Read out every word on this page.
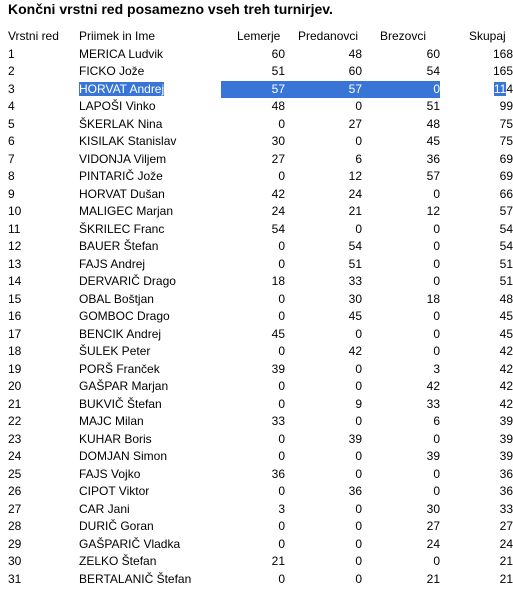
Končni vrstni red posamezno vseh treh turnirjev.
Vrstni red	Priimek in Ime	Lemerje	Predanovci	Brezovci	Skupaj
1	MERICA Ludvik	60	48	60	168
2	FICKO Jože	51	60	54	165
3	HORVAT Andrej	57	57	0	114
4	LAPOŠI Vinko	48	0	51	99
5	ŠKERLAK Nina	0	27	48	75
6	KISILAK Stanislav	30	0	45	75
7	VIDONJA Viljem	27	6	36	69
8	PINTARIČ Jože	0	12	57	69
9	HORVAT Dušan	42	24	0	66
10	MALIGEC Marjan	24	21	12	57
11	ŠKRILEC Franc	54	0	0	54
12	BAUER Štefan	0	54	0	54
13	FAJS Andrej	0	51	0	51
14	DERVARIČ Drago	18	33	0	51
15	OBAL Boštjan	0	30	18	48
16	GOMBOC Drago	0	45	0	45
17	BENCIK Andrej	45	0	0	45
18	ŠULEK Peter	0	42	0	42
19	PORŠ Franček	39	0	3	42
20	GAŠPAR Marjan	0	0	42	42
21	BUKVIČ Štefan	0	9	33	42
22	MAJC Milan	33	0	6	39
23	KUHAR Boris	0	39	0	39
24	DOMJAN Simon	0	0	39	39
25	FAJS Vojko	36	0	0	36
26	CIPOT Viktor	0	36	0	36
27	CAR Jani	3	0	30	33
28	DURIČ Goran	0	0	27	27
29	GAŠPARIČ Vladka	0	0	24	24
30	ZELKO Štefan	21	0	0	21
31	BERTALANIČ Štefan	0	0	21	21
